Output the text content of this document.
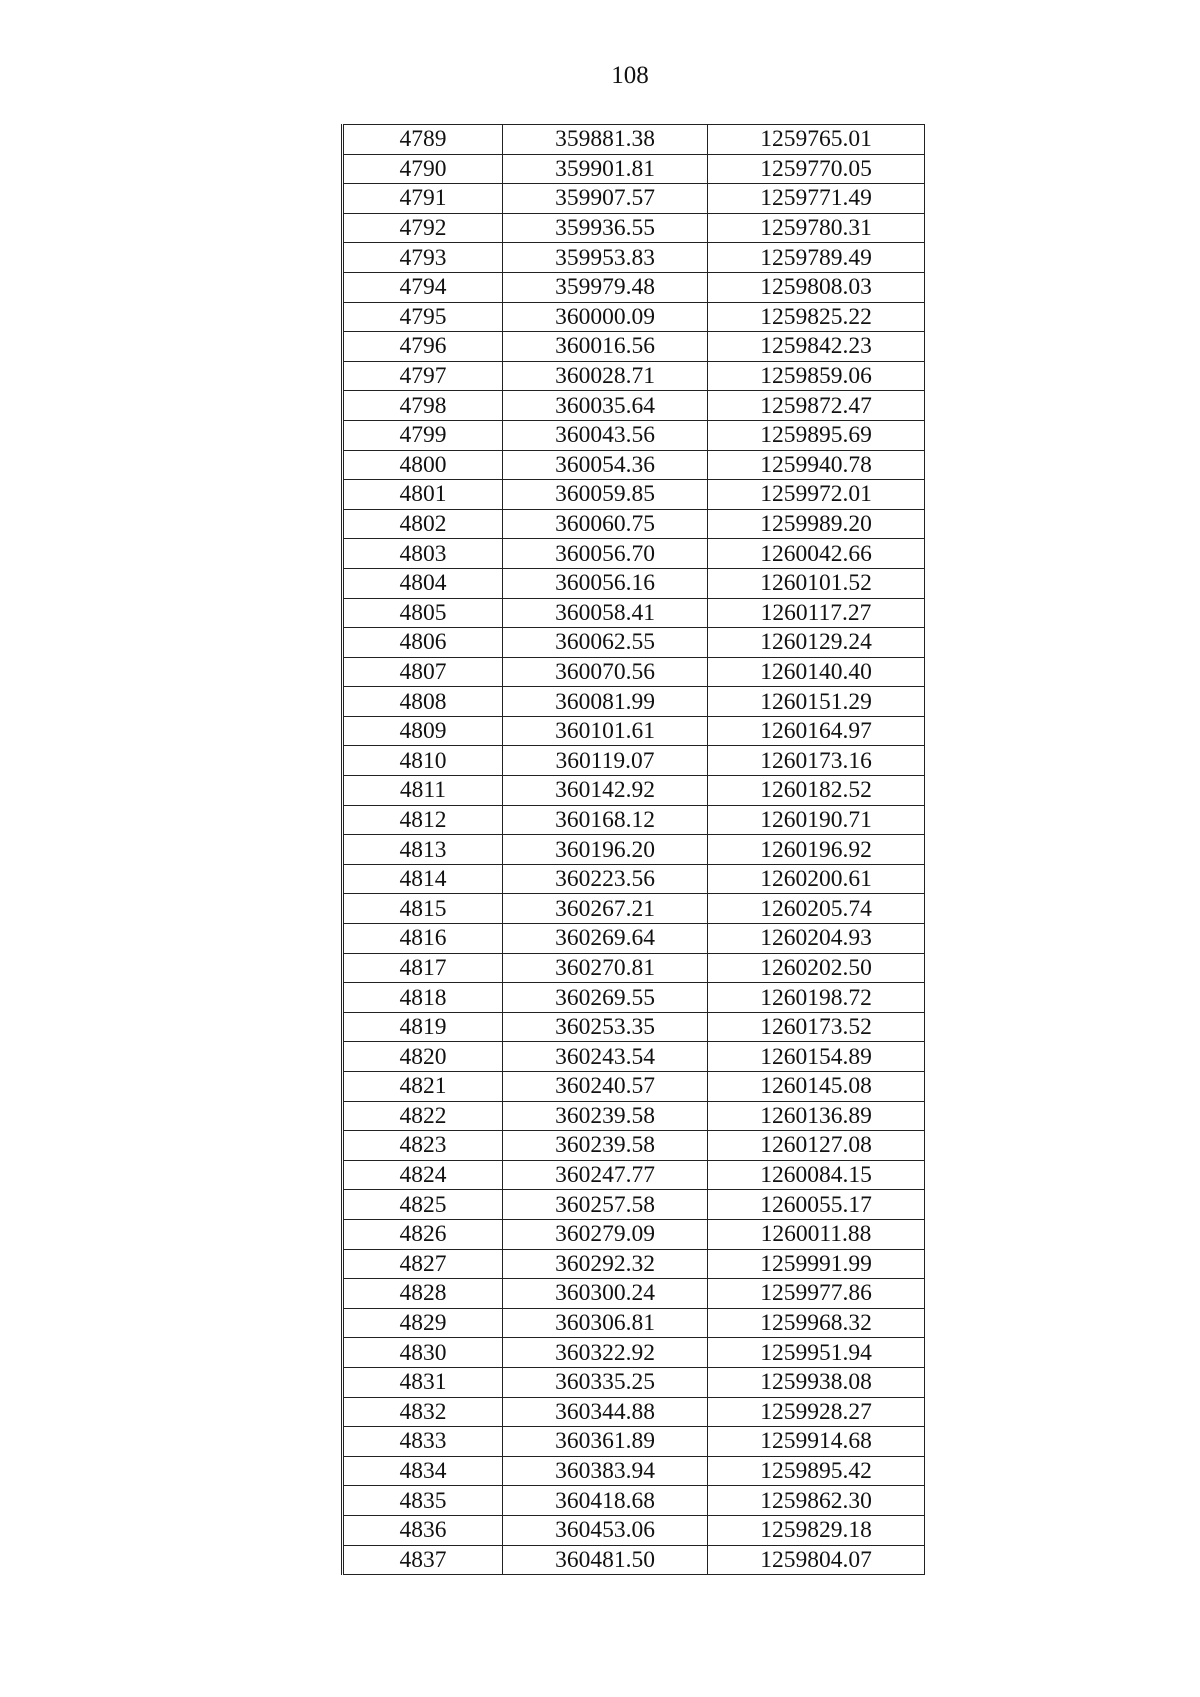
108
4789	359881.38	1259765.01
4790	359901.81	1259770.05
4791	359907.57	1259771.49
4792	359936.55	1259780.31
4793	359953.83	1259789.49
4794	359979.48	1259808.03
4795	360000.09	1259825.22
4796	360016.56	1259842.23
4797	360028.71	1259859.06
4798	360035.64	1259872.47
4799	360043.56	1259895.69
4800	360054.36	1259940.78
4801	360059.85	1259972.01
4802	360060.75	1259989.20
4803	360056.70	1260042.66
4804	360056.16	1260101.52
4805	360058.41	1260117.27
4806	360062.55	1260129.24
4807	360070.56	1260140.40
4808	360081.99	1260151.29
4809	360101.61	1260164.97
4810	360119.07	1260173.16
4811	360142.92	1260182.52
4812	360168.12	1260190.71
4813	360196.20	1260196.92
4814	360223.56	1260200.61
4815	360267.21	1260205.74
4816	360269.64	1260204.93
4817	360270.81	1260202.50
4818	360269.55	1260198.72
4819	360253.35	1260173.52
4820	360243.54	1260154.89
4821	360240.57	1260145.08
4822	360239.58	1260136.89
4823	360239.58	1260127.08
4824	360247.77	1260084.15
4825	360257.58	1260055.17
4826	360279.09	1260011.88
4827	360292.32	1259991.99
4828	360300.24	1259977.86
4829	360306.81	1259968.32
4830	360322.92	1259951.94
4831	360335.25	1259938.08
4832	360344.88	1259928.27
4833	360361.89	1259914.68
4834	360383.94	1259895.42
4835	360418.68	1259862.30
4836	360453.06	1259829.18
4837	360481.50	1259804.07
